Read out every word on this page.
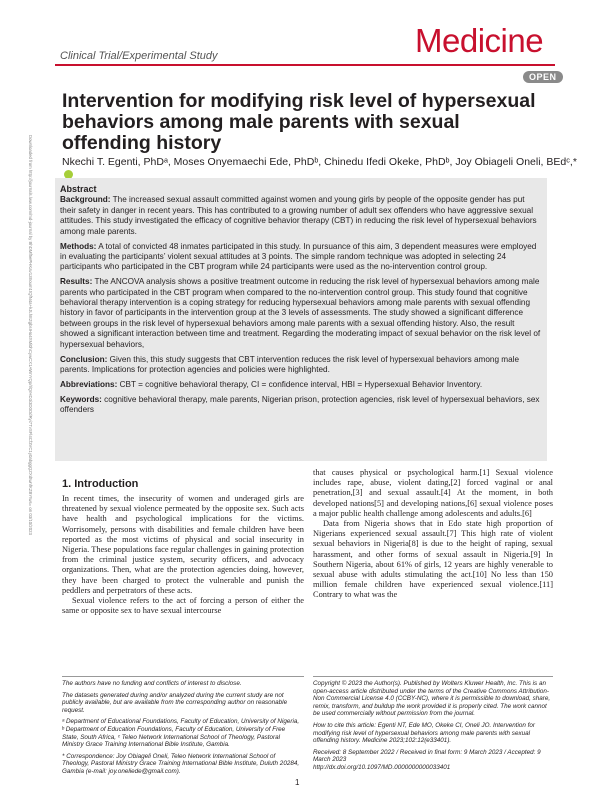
Clinical Trial/Experimental Study	Medicine
OPEN
Downloaded from http://journals.lww.com/md-journal by BhDMf5ePHKav1zEoum1tQfN4a+kJLhEZgbsIHo4XMi0hCywCX1AWnYQp/IlQrHD3i3D0OdRyi7TvSFl4Cf3VC1y0abggQZXdtwnfKZBYtws= on 03/10/2023
Intervention for modifying risk level of hypersexual behaviors among male parents with sexual offending history
Nkechi T. Egenti, PhDᵃ, Moses Onyemaechi Ede, PhDᵇ, Chinedu Ifedi Okeke, PhDᵇ, Joy Obiageli Oneli, BEdᶜ,*

Abstract

Background: The increased sexual assault committed against women and young girls by people of the opposite gender has put their safety in danger in recent years. This has contributed to a growing number of adult sex offenders who have aggressive sexual attitudes. This study investigated the efficacy of cognitive behavior therapy (CBT) in reducing the risk level of hypersexual behaviors among male parents.

Methods: A total of convicted 48 inmates participated in this study. In pursuance of this aim, 3 dependent measures were employed in evaluating the participants’ violent sexual attitudes at 3 points. The simple random technique was adopted in selecting 24 participants who participated in the CBT program while 24 participants were used as the no-intervention control group.

Results: The ANCOVA analysis shows a positive treatment outcome in reducing the risk level of hypersexual behaviors among male parents who participated in the CBT program when compared to the no-intervention control group. This study found that cognitive behavioral therapy intervention is a coping strategy for reducing hypersexual behaviors among male parents with sexual offending history in favor of participants in the intervention group at the 3 levels of assessments. The study showed a significant difference between groups in the risk level of hypersexual behaviors among male parents with a sexual offending history. Also, the result showed a significant interaction between time and treatment. Regarding the moderating impact of sexual behavior on the risk level of hypersexual behaviors,

Conclusion: Given this, this study suggests that CBT intervention reduces the risk level of hypersexual behaviors among male parents. Implications for protection agencies and policies were highlighted.

Abbreviations: CBT = cognitive behavioral therapy, CI = confidence interval, HBI = Hypersexual Behavior Inventory.

Keywords: cognitive behavioral therapy, male parents, Nigerian prison, protection agencies, risk level of hypersexual behaviors, sex offenders

1. Introduction

In recent times, the insecurity of women and underaged girls are threatened by sexual violence permeated by the opposite sex. Such acts have health and psychological implications for the victims. Worrisomely, persons with disabilities and female children have been reported as the most victims of physical and social insecurity in Nigeria. These populations face regular challenges in gaining protection from the criminal justice system, security officers, and advocacy organizations. Then, what are the protection agencies doing, however, they have been charged to protect the vulnerable and punish the peddlers and perpetrators of these acts.

Sexual violence refers to the act of forcing a person of either the same or opposite sex to have sexual intercourse

that causes physical or psychological harm.[1] Sexual violence includes rape, abuse, violent dating,[2] forced vaginal or anal penetration,[3] and sexual assault.[4] At the moment, in both developed nations[5] and developing nations,[6] sexual violence poses a major public health challenge among adolescents and adults.[6]

Data from Nigeria shows that in Edo state high proportion of Nigerians experienced sexual assault.[7] This high rate of violent sexual behaviors in Nigeria[8] is due to the height of raping, sexual harassment, and other forms of sexual assault in Nigeria.[9] In Southern Nigeria, about 61% of girls, 12 years are highly venerable to sexual abuse with adults stimulating the act.[10] No less than 150 million female children have experienced sexual violence.[11] Contrary to what was the

The authors have no funding and conflicts of interest to disclose.

The datasets generated during and/or analyzed during the current study are not publicly available, but are available from the corresponding author on reasonable request.

ᵃ Department of Educational Foundations, Faculty of Education, University of Nigeria, ᵇ Department of Education Foundations, Faculty of Education, University of Free State, South Africa, ᶜ Teleo Network International School of Theology, Pastoral Ministry Grace Training International Bible Institute, Gambia.

* Correspondence: Joy Obiageli Oneli, Teleo Network International School of Theology, Pastoral Ministry Grace Training International Bible Institute, Duluth 20284, Gambia (e-mail: joy.oneliede@gmail.com).

Copyright © 2023 the Author(s). Published by Wolters Kluwer Health, Inc. This is an open-access article distributed under the terms of the Creative Commons Attribution-Non Commercial License 4.0 (CCBY-NC), where it is permissible to download, share, remix, transform, and buildup the work provided it is properly cited. The work cannot be used commercially without permission from the journal.

How to cite this article: Egenti NT, Ede MO, Okeke CI, Oneli JO. Intervention for modifying risk level of hypersexual behaviors among male parents with sexual offending history. Medicine 2023;102:12(e33401).

Received: 8 September 2022 / Received in final form: 9 March 2023 / Accepted: 9 March 2023
http://dx.doi.org/10.1097/MD.0000000000033401

1
